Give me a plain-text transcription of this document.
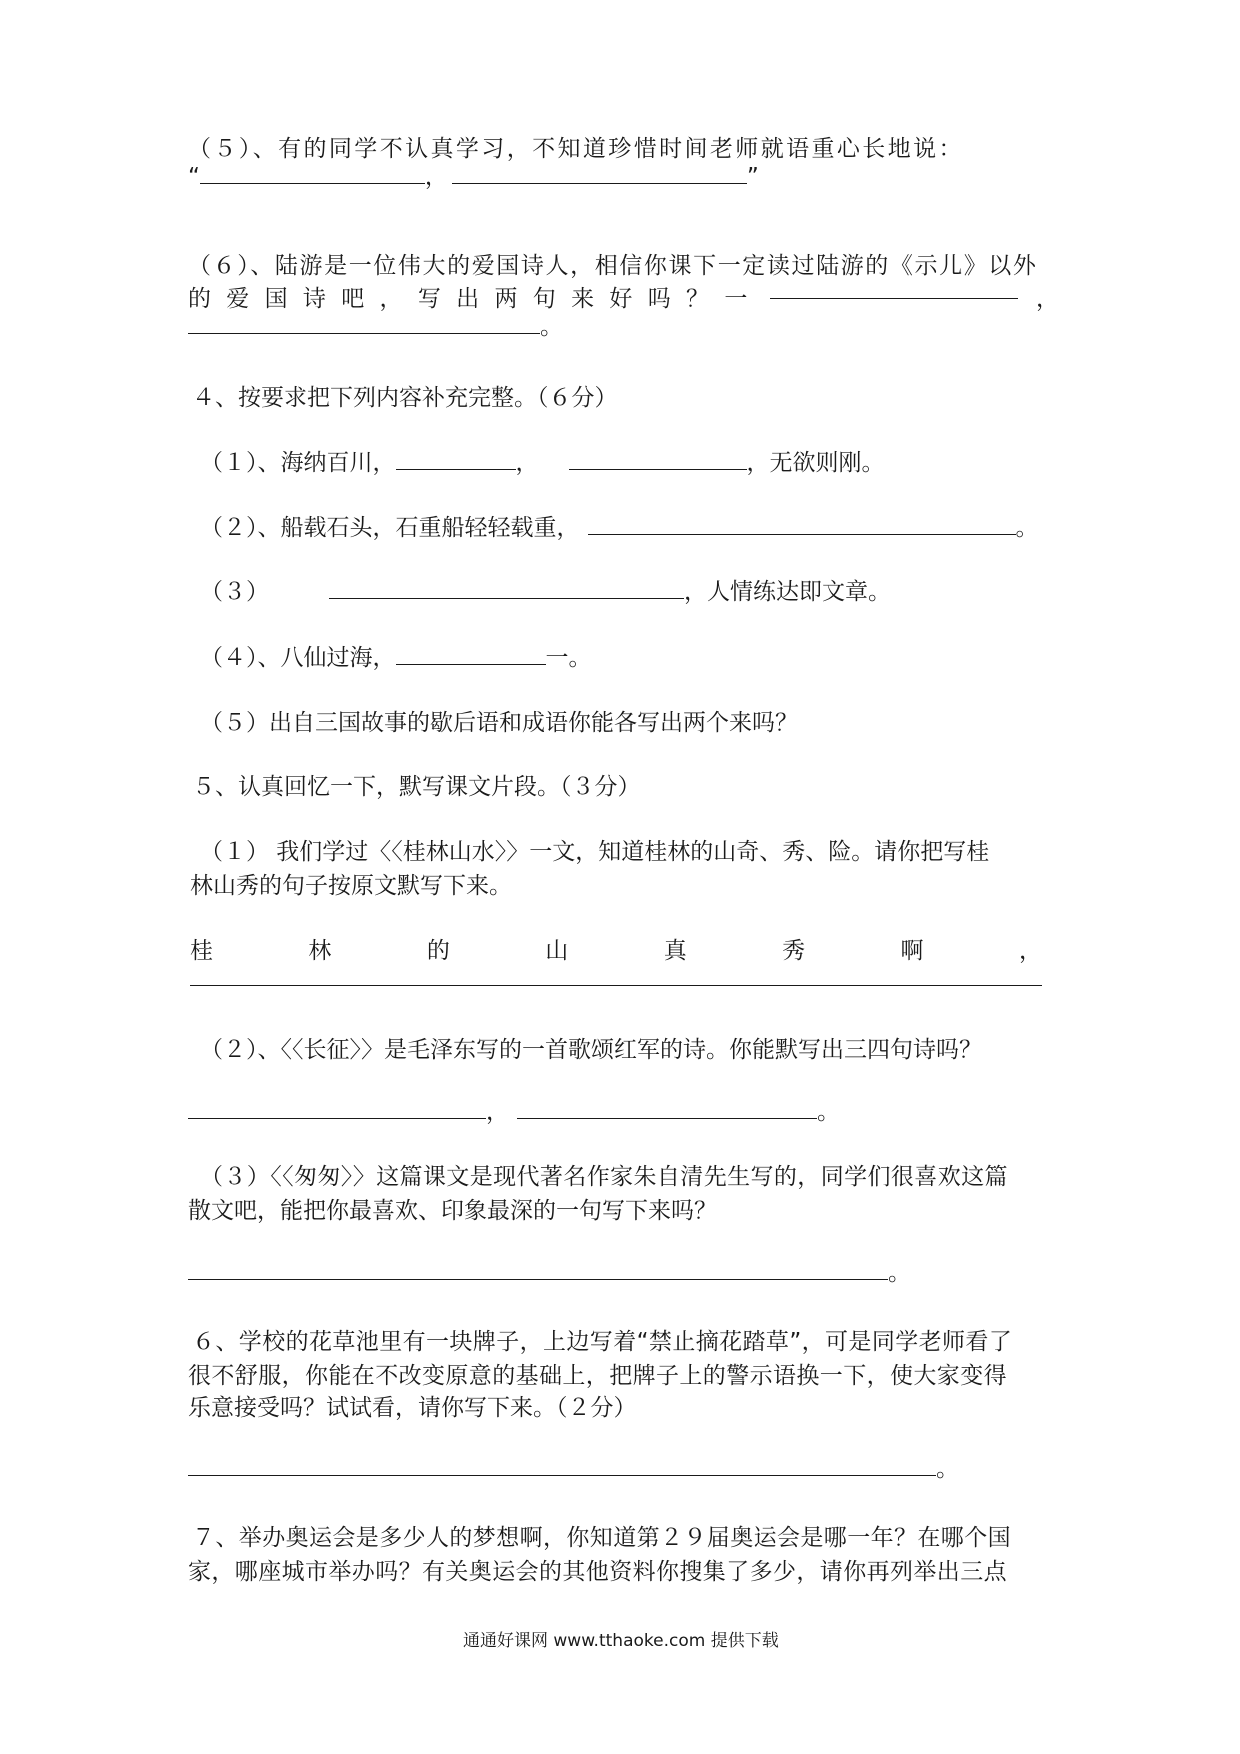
（５）、有的同学不认真学习，不知道珍惜时间老师就语重心长地说：
“	，	”
（６）、陆游是一位伟大的爱国诗人，相信你课下一定读过陆游的《示儿》以外
的 爱 国 诗 吧 ， 写 出 两 句 来 好 吗 ？ 一	，
。
４、按要求把下列内容补充完整。（６分）
（１）、海纳百川，	，	，无欲则刚。
（２）、船载石头，石重船轻轻载重，	。
（３）	，人情练达即文章。
（４）、八仙过海，	一。
（５）出自三国故事的歇后语和成语你能各写出两个来吗？
５、认真回忆一下，默写课文片段。（３分）
（１） 我们学过〈〈桂林山水〉〉一文，知道桂林的山奇、秀、险。请你把写桂
林山秀的句子按原文默写下来。
桂	林	的	山	真	秀	啊	，
（２）、〈〈长征〉〉是毛泽东写的一首歌颂红军的诗。你能默写出三四句诗吗？
，	。
（３）〈〈匆匆〉〉这篇课文是现代著名作家朱自清先生写的，同学们很喜欢这篇
散文吧，能把你最喜欢、印象最深的一句写下来吗？
。
６、学校的花草池里有一块牌子，上边写着“禁止摘花踏草”，可是同学老师看了
很不舒服，你能在不改变原意的基础上，把牌子上的警示语换一下，使大家变得
乐意接受吗？试试看，请你写下来。（２分）
。
７、举办奥运会是多少人的梦想啊，你知道第２９届奥运会是哪一年？在哪个国
家，哪座城市举办吗？有关奥运会的其他资料你搜集了多少，请你再列举出三点
通通好课网 www.tthaoke.com 提供下载
